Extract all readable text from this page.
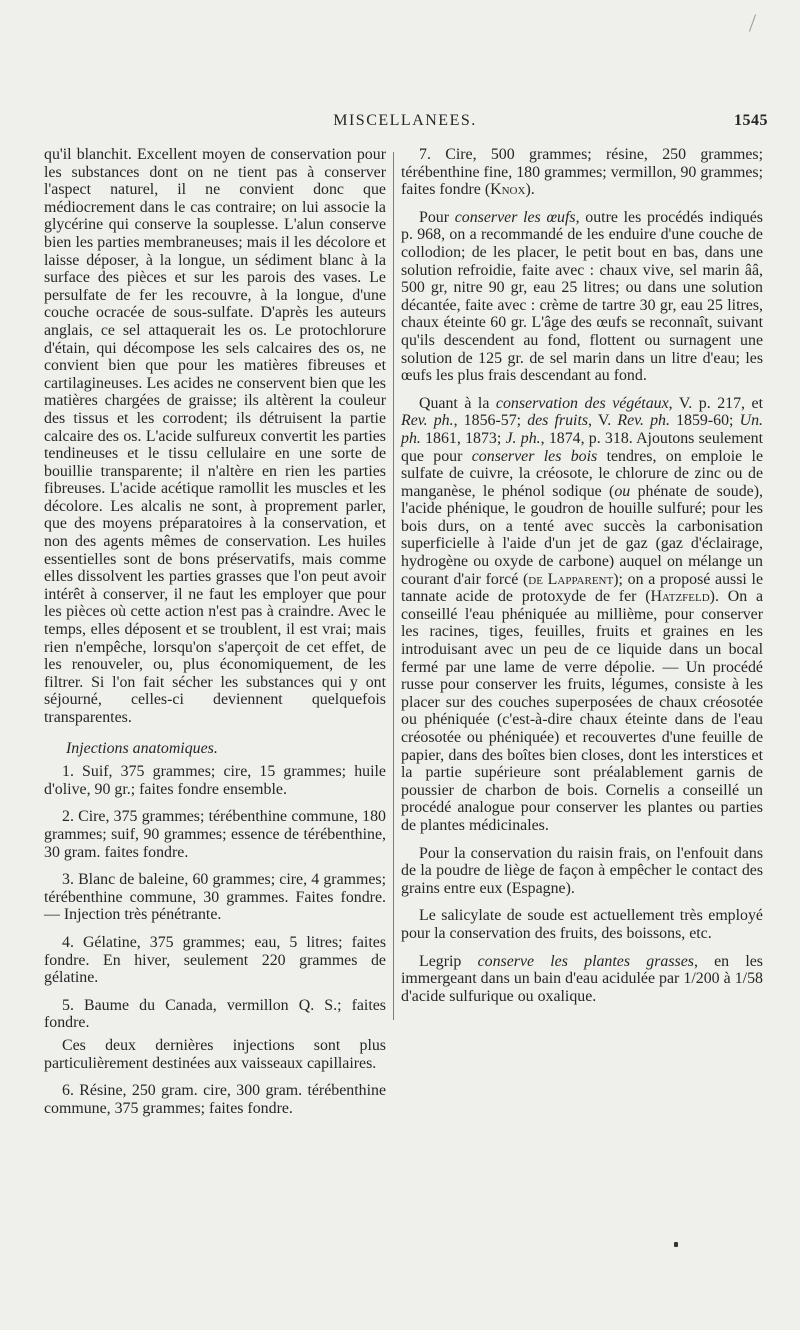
MISCELLANEES.	1545

qu'il blanchit. Excellent moyen de conservation pour les substances dont on ne tient pas à conserver l'aspect naturel, il ne convient donc que médiocrement dans le cas contraire; on lui associe la glycérine qui conserve la souplesse. L'alun conserve bien les parties membraneuses; mais il les décolore et laisse déposer, à la longue, un sédiment blanc à la surface des pièces et sur les parois des vases. Le persulfate de fer les recouvre, à la longue, d'une couche ocracée de sous-sulfate. D'après les auteurs anglais, ce sel attaquerait les os. Le protochlorure d'étain, qui décompose les sels calcaires des os, ne convient bien que pour les matières fibreuses et cartilagineuses. Les acides ne conservent bien que les matières chargées de graisse; ils altèrent la couleur des tissus et les corrodent; ils détruisent la partie calcaire des os. L'acide sulfureux convertit les parties tendineuses et le tissu cellulaire en une sorte de bouillie transparente; il n'altère en rien les parties fibreuses. L'acide acétique ramollit les muscles et les décolore. Les alcalis ne sont, à proprement parler, que des moyens préparatoires à la conservation, et non des agents mêmes de conservation. Les huiles essentielles sont de bons préservatifs, mais comme elles dissolvent les parties grasses que l'on peut avoir intérêt à conserver, il ne faut les employer que pour les pièces où cette action n'est pas à craindre. Avec le temps, elles déposent et se troublent, il est vrai; mais rien n'empêche, lorsqu'on s'aperçoit de cet effet, de les renouveler, ou, plus économiquement, de les filtrer. Si l'on fait sécher les substances qui y ont séjourné, celles-ci deviennent quelquefois transparentes.

Injections anatomiques.

1. Suif, 375 grammes; cire, 15 grammes; huile d'olive, 90 gr.; faites fondre ensemble.

2. Cire, 375 grammes; térébenthine commune, 180 grammes; suif, 90 grammes; essence de térébenthine, 30 gram. faites fondre.

3. Blanc de baleine, 60 grammes; cire, 4 grammes; térébenthine commune, 30 grammes. Faites fondre. — Injection très pénétrante.

4. Gélatine, 375 grammes; eau, 5 litres; faites fondre. En hiver, seulement 220 grammes de gélatine.

5. Baume du Canada, vermillon Q. S.; faites fondre.

Ces deux dernières injections sont plus particulièrement destinées aux vaisseaux capillaires.

6. Résine, 250 gram. cire, 300 gram. térébenthine commune, 375 grammes; faites fondre.

7. Cire, 500 grammes; résine, 250 grammes; térébenthine fine, 180 grammes; vermillon, 90 grammes; faites fondre (Knox).

Pour conserver les œufs, outre les procédés indiqués p. 968, on a recommandé de les enduire d'une couche de collodion; de les placer, le petit bout en bas, dans une solution refroidie, faite avec : chaux vive, sel marin ââ, 500 gr, nitre 90 gr, eau 25 litres; ou dans une solution décantée, faite avec : crème de tartre 30 gr, eau 25 litres, chaux éteinte 60 gr. L'âge des œufs se reconnaît, suivant qu'ils descendent au fond, flottent ou surnagent une solution de 125 gr. de sel marin dans un litre d'eau; les œufs les plus frais descendant au fond.

Quant à la conservation des végétaux, V. p. 217, et Rev. ph., 1856-57; des fruits, V. Rev. ph. 1859-60; Un. ph. 1861, 1873; J. ph., 1874, p. 318. Ajoutons seulement que pour conserver les bois tendres, on emploie le sulfate de cuivre, la créosote, le chlorure de zinc ou de manganèse, le phénol sodique (ou phénate de soude), l'acide phénique, le goudron de houille sulfuré; pour les bois durs, on a tenté avec succès la carbonisation superficielle à l'aide d'un jet de gaz (gaz d'éclairage, hydrogène ou oxyde de carbone) auquel on mélange un courant d'air forcé (de Lapparent); on a proposé aussi le tannate acide de protoxyde de fer (Hatzfeld). On a conseillé l'eau phéniquée au millième, pour conserver les racines, tiges, feuilles, fruits et graines en les introduisant avec un peu de ce liquide dans un bocal fermé par une lame de verre dépolie. — Un procédé russe pour conserver les fruits, légumes, consiste à les placer sur des couches superposées de chaux créosotée ou phéniquée (c'est-à-dire chaux éteinte dans de l'eau créosotée ou phéniquée) et recouvertes d'une feuille de papier, dans des boîtes bien closes, dont les interstices et la partie supérieure sont préalablement garnis de poussier de charbon de bois. Cornelis a conseillé un procédé analogue pour conserver les plantes ou parties de plantes médicinales.

Pour la conservation du raisin frais, on l'enfouit dans de la poudre de liège de façon à empêcher le contact des grains entre eux (Espagne).

Le salicylate de soude est actuellement très employé pour la conservation des fruits, des boissons, etc.

Legrip conserve les plantes grasses, en les immergeant dans un bain d'eau acidulée par 1/200 à 1/58 d'acide sulfurique ou oxalique.
